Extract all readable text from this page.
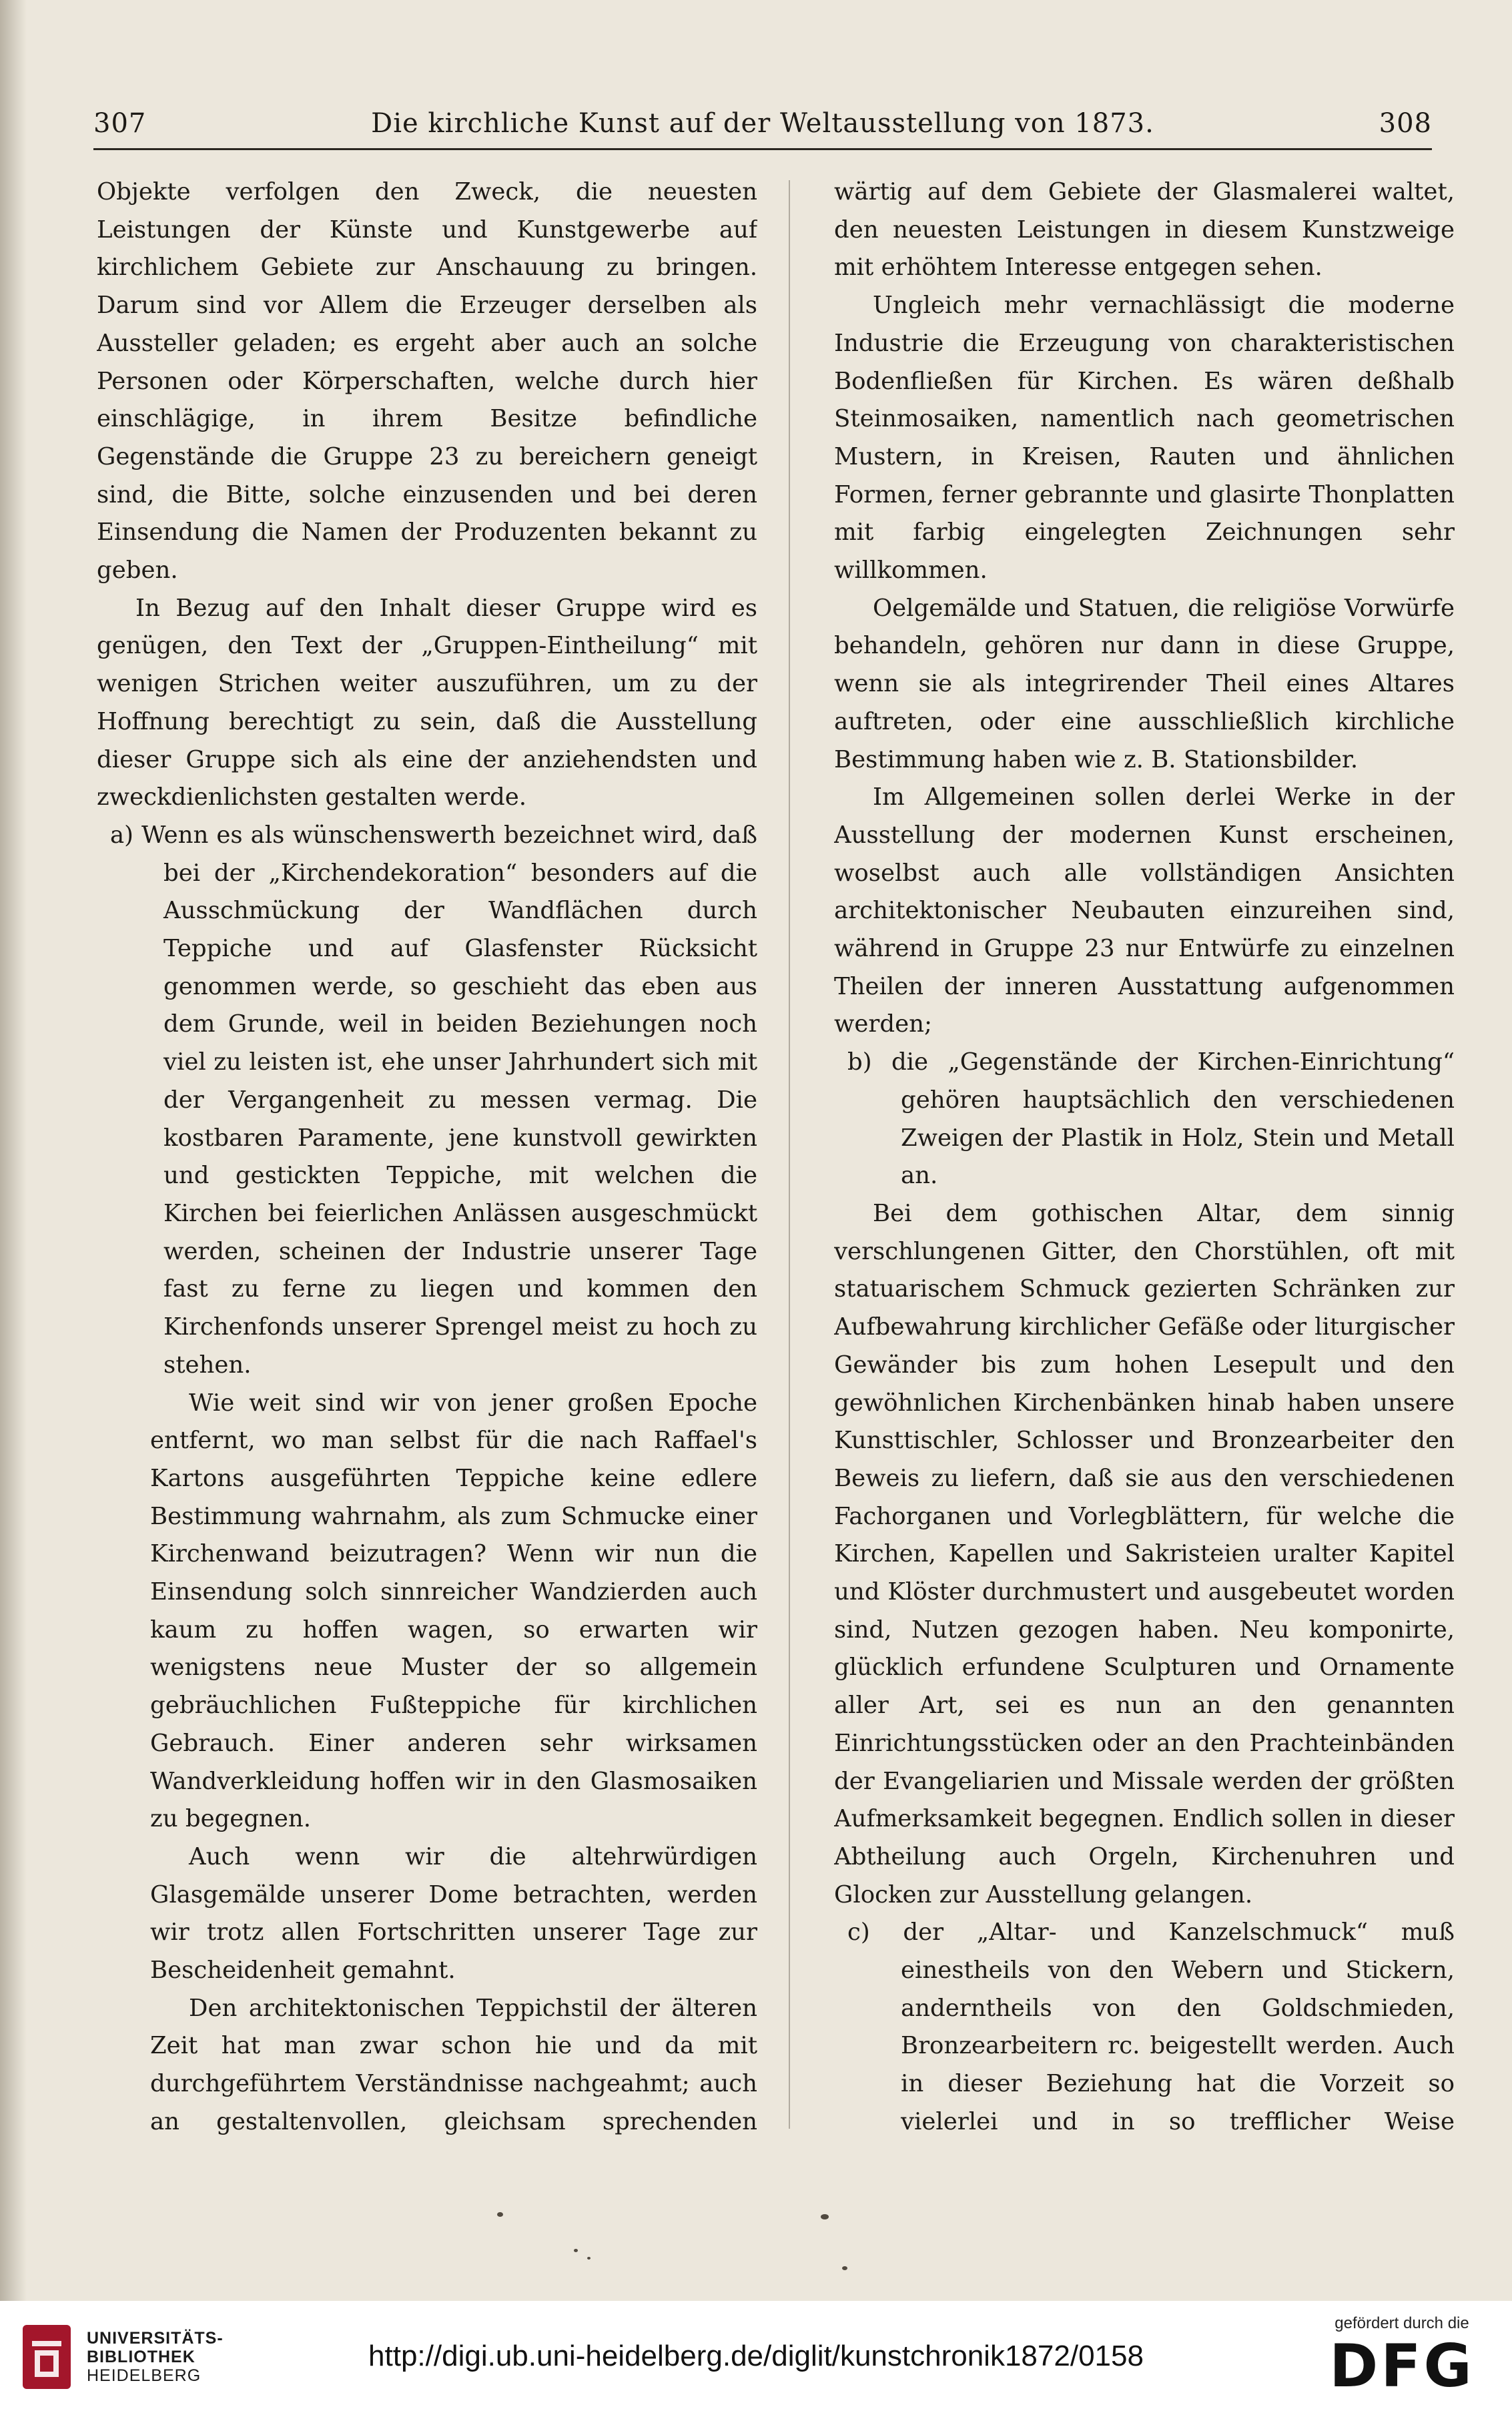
307	Die kirchliche Kunst auf der Weltausstellung von 1873.	308

Objekte verfolgen den Zweck, die neuesten Leistungen der Künste und Kunstgewerbe auf kirchlichem Gebiete zur Anschauung zu bringen. Darum sind vor Allem die Erzeuger derselben als Aussteller geladen; es ergeht aber auch an solche Personen oder Körperschaften, welche durch hier einschlägige, in ihrem Besitze befindliche Gegenstände die Gruppe 23 zu bereichern geneigt sind, die Bitte, solche einzusenden und bei deren Einsendung die Namen der Produzenten bekannt zu geben.

In Bezug auf den Inhalt dieser Gruppe wird es genügen, den Text der „Gruppen-Eintheilung“ mit wenigen Strichen weiter auszuführen, um zu der Hoffnung berechtigt zu sein, daß die Ausstellung dieser Gruppe sich als eine der anziehendsten und zweckdienlichsten gestalten werde.

a) Wenn es als wünschenswerth bezeichnet wird, daß bei der „Kirchendekoration“ besonders auf die Ausschmückung der Wandflächen durch Teppiche und auf Glasfenster Rücksicht genommen werde, so geschieht das eben aus dem Grunde, weil in beiden Beziehungen noch viel zu leisten ist, ehe unser Jahrhundert sich mit der Vergangenheit zu messen vermag. Die kostbaren Paramente, jene kunstvoll gewirkten und gestickten Teppiche, mit welchen die Kirchen bei feierlichen Anlässen ausgeschmückt werden, scheinen der Industrie unserer Tage fast zu ferne zu liegen und kommen den Kirchenfonds unserer Sprengel meist zu hoch zu stehen.

Wie weit sind wir von jener großen Epoche entfernt, wo man selbst für die nach Raffael's Kartons ausgeführten Teppiche keine edlere Bestimmung wahrnahm, als zum Schmucke einer Kirchenwand beizutragen? Wenn wir nun die Einsendung solch sinnreicher Wandzierden auch kaum zu hoffen wagen, so erwarten wir wenigstens neue Muster der so allgemein gebräuchlichen Fußteppiche für kirchlichen Gebrauch. Einer anderen sehr wirksamen Wandverkleidung hoffen wir in den Glasmosaiken zu begegnen.

Auch wenn wir die altehrwürdigen Glasgemälde unserer Dome betrachten, werden wir trotz allen Fortschritten unserer Tage zur Bescheidenheit gemahnt.

Den architektonischen Teppichstil der älteren Zeit hat man zwar schon hie und da mit durchgeführtem Verständnisse nachgeahmt; auch an gestaltenvollen, gleichsam sprechenden

wärtig auf dem Gebiete der Glasmalerei waltet, den neuesten Leistungen in diesem Kunstzweige mit erhöhtem Interesse entgegen sehen.

Ungleich mehr vernachlässigt die moderne Industrie die Erzeugung von charakteristischen Bodenfließen für Kirchen. Es wären deßhalb Steinmosaiken, namentlich nach geometrischen Mustern, in Kreisen, Rauten und ähnlichen Formen, ferner gebrannte und glasirte Thonplatten mit farbig eingelegten Zeichnungen sehr willkommen.

Oelgemälde und Statuen, die religiöse Vorwürfe behandeln, gehören nur dann in diese Gruppe, wenn sie als integrirender Theil eines Altares auftreten, oder eine ausschließlich kirchliche Bestimmung haben wie z. B. Stationsbilder.

Im Allgemeinen sollen derlei Werke in der Ausstellung der modernen Kunst erscheinen, woselbst auch alle vollständigen Ansichten architektonischer Neubauten einzureihen sind, während in Gruppe 23 nur Entwürfe zu einzelnen Theilen der inneren Ausstattung aufgenommen werden;

b) die „Gegenstände der Kirchen-Einrichtung“ gehören hauptsächlich den verschiedenen Zweigen der Plastik in Holz, Stein und Metall an.

Bei dem gothischen Altar, dem sinnig verschlungenen Gitter, den Chorstühlen, oft mit statuarischem Schmuck gezierten Schränken zur Aufbewahrung kirchlicher Gefäße oder liturgischer Gewänder bis zum hohen Lesepult und den gewöhnlichen Kirchenbänken hinab haben unsere Kunsttischler, Schlosser und Bronzearbeiter den Beweis zu liefern, daß sie aus den verschiedenen Fachorganen und Vorlegblättern, für welche die Kirchen, Kapellen und Sakristeien uralter Kapitel und Klöster durchmustert und ausgebeutet worden sind, Nutzen gezogen haben. Neu komponirte, glücklich erfundene Sculpturen und Ornamente aller Art, sei es nun an den genannten Einrichtungsstücken oder an den Prachteinbänden der Evangeliarien und Missale werden der größten Aufmerksamkeit begegnen. Endlich sollen in dieser Abtheilung auch Orgeln, Kirchenuhren und Glocken zur Ausstellung gelangen.

c) der „Altar- und Kanzelschmuck“ muß einestheils von den Webern und Stickern, anderntheils von den Goldschmieden, Bronzearbeitern rc. beigestellt werden. Auch in dieser Beziehung hat die Vorzeit so vielerlei und in so trefflicher Weise

UNIVERSITÄTS-
BIBLIOTHEK
HEIDELBERG
http://digi.ub.uni-heidelberg.de/diglit/kunstchronik1872/0158
gefördert durch die
DFG
